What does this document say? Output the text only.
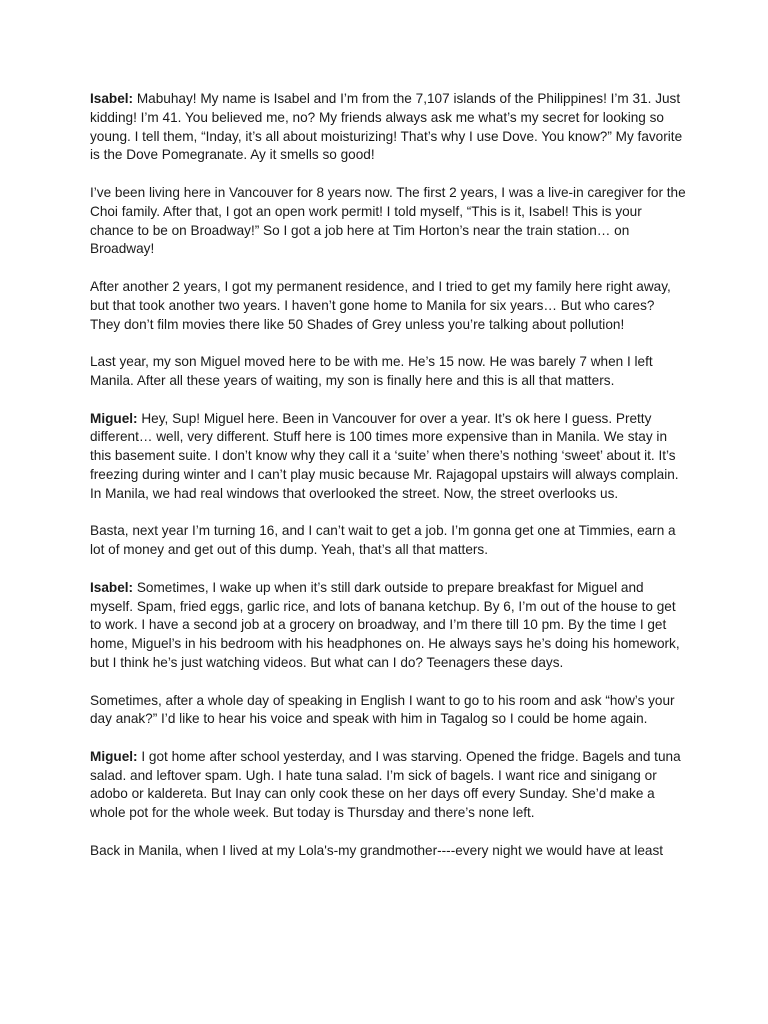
Isabel: Mabuhay! My name is Isabel and I’m from the 7,107 islands of the Philippines! I’m 31. Just kidding! I’m 41. You believed me, no? My friends always ask me what’s my secret for looking so young. I tell them, “Inday, it’s all about moisturizing! That’s why I use Dove. You know?” My favorite is the Dove Pomegranate. Ay it smells so good!

I’ve been living here in Vancouver for 8 years now. The first 2 years, I was a live-in caregiver for the Choi family. After that, I got an open work permit! I told myself, “This is it, Isabel! This is your chance to be on Broadway!” So I got a job here at Tim Horton’s near the train station… on Broadway!

After another 2 years, I got my permanent residence, and I tried to get my family here right away, but that took another two years. I haven’t gone home to Manila for six years… But who cares? They don’t film movies there like 50 Shades of Grey unless you’re talking about pollution!

Last year, my son Miguel moved here to be with me. He’s 15 now. He was barely 7 when I left Manila. After all these years of waiting, my son is finally here and this is all that matters.

Miguel: Hey, Sup! Miguel here. Been in Vancouver for over a year. It’s ok here I guess. Pretty different… well, very different. Stuff here is 100 times more expensive than in Manila. We stay in this basement suite. I don’t know why they call it a ‘suite’ when there’s nothing ‘sweet’ about it. It’s freezing during winter and I can’t play music because Mr. Rajagopal upstairs will always complain. In Manila, we had real windows that overlooked the street. Now, the street overlooks us.

Basta, next year I’m turning 16, and I can’t wait to get a job. I’m gonna get one at Timmies, earn a lot of money and get out of this dump. Yeah, that’s all that matters.

Isabel: Sometimes, I wake up when it’s still dark outside to prepare breakfast for Miguel and myself. Spam, fried eggs, garlic rice, and lots of banana ketchup. By 6, I’m out of the house to get to work. I have a second job at a grocery on broadway, and I’m there till 10 pm. By the time I get home, Miguel’s in his bedroom with his headphones on. He always says he’s doing his homework, but I think he’s just watching videos. But what can I do? Teenagers these days.

Sometimes, after a whole day of speaking in English I want to go to his room and ask “how’s your day anak?” I’d like to hear his voice and speak with him in Tagalog so I could be home again.

Miguel: I got home after school yesterday, and I was starving. Opened the fridge. Bagels and tuna salad. and leftover spam. Ugh. I hate tuna salad. I’m sick of bagels. I want rice and sinigang or adobo or kaldereta. But Inay can only cook these on her days off every Sunday. She’d make a whole pot for the whole week. But today is Thursday and there’s none left.

Back in Manila, when I lived at my Lola's-my grandmother----every night we would have at least
